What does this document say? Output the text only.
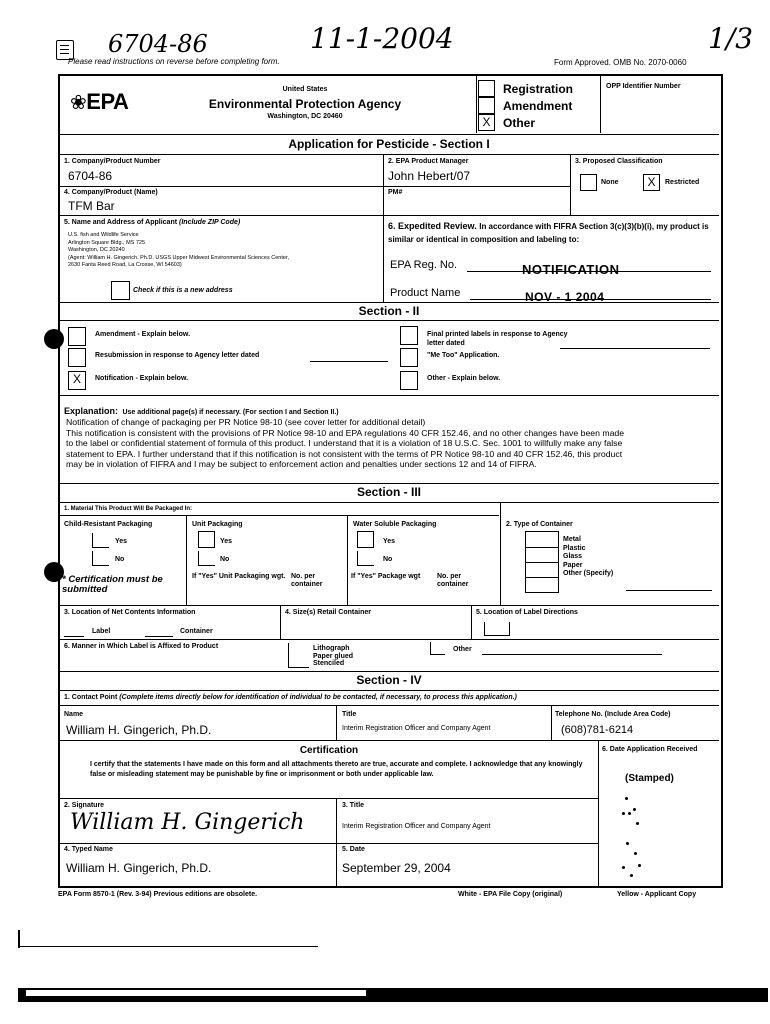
6704-86	11-1-2004	1/3
Please read instructions on reverse before completing form.	Form Approved. OMB No. 2070-0060
❀EPA	United States
Environmental Protection Agency
Washington, DC 20460	X
Registration
Amendment
Other
OPP Identifier Number
Application for Pesticide - Section I
1. Company/Product Number
6704-86
2. EPA Product Manager
John Hebert/07
3. Proposed Classification
None	X	Restricted
4. Company/Product (Name)
TFM Bar
PM#
5. Name and Address of Applicant (Include ZIP Code)
U.S. fish and Wildlife Service
Arlington Square Bldg., MS 725
Washington, DC 20240
(Agent: William H. Gingerich, Ph.D. USGS Upper Midwest Environmental Sciences Center,
2630 Fanta Reed Road, La Crosse, WI 54603)
Check if this is a new address
6. Expedited Review. In accordance with FIFRA Section 3(c)(3)(b)(i), my product is similar or identical in composition and labeling to:
EPA Reg. No.	NOTIFICATION
Product Name	NOV - 1 2004
Section - II
Amendment - Explain below.
Resubmission in response to Agency letter dated
X	Notification - Explain below.
Final printed labels in response to Agency letter dated
"Me Too" Application.
Other - Explain below.
Explanation: Use additional page(s) if necessary. (For section I and Section II.)
Notification of change of packaging per PR Notice 98-10 (see cover letter for additional detail)
This notification is consistent with the provisions of PR Notice 98-10 and EPA regulations 40 CFR 152.46, and no other changes have been made
to the label or confidential statement of formula of this product. I understand that it is a violation of 18 U.S.C. Sec. 1001 to willfully make any false
statement to EPA. I further understand that if this notification is not consistent with the terms of PR Notice 98-10 and 40 CFR 152.46, this product
may be in violation of FIFRA and I may be subject to enforcement action and penalties under sections 12 and 14 of FIFRA.
Section - III
1. Material This Product Will Be Packaged In:
Child-Resistant Packaging	Unit Packaging	Water Soluble Packaging	2. Type of Container
Yes
No
Yes
No
Yes
No
* Certification must be submitted
If "Yes" Unit Packaging wgt. No. per container
If "Yes" Package wgt No. per container
Metal
Plastic
Glass
Paper
Other (Specify)
3. Location of Net Contents Information
Label	Container
4. Size(s) Retail Container	5. Location of Label Directions
6. Manner in Which Label is Affixed to Product	Lithograph Paper glued Stenciled
Other
Section - IV
1. Contact Point (Complete items directly below for identification of individual to be contacted, if necessary, to process this application.)
Name
William H. Gingerich, Ph.D.
Title
Interim Registration Officer and Company Agent
Telephone No. (Include Area Code)
(608)781-6214
Certification
I certify that the statements I have made on this form and all attachments thereto are true, accurate and complete. I acknowledge that any knowingly false or misleading statement may be punishable by fine or imprisonment or both under applicable law.
6. Date Application Received
(Stamped)
2. Signature
William H. Gingerich
3. Title
Interim Registration Officer and Company Agent
4. Typed Name
William H. Gingerich, Ph.D.
5. Date
September 29, 2004
EPA Form 8570-1 (Rev. 3-94) Previous editions are obsolete.	White - EPA File Copy (original)	Yellow - Applicant Copy
